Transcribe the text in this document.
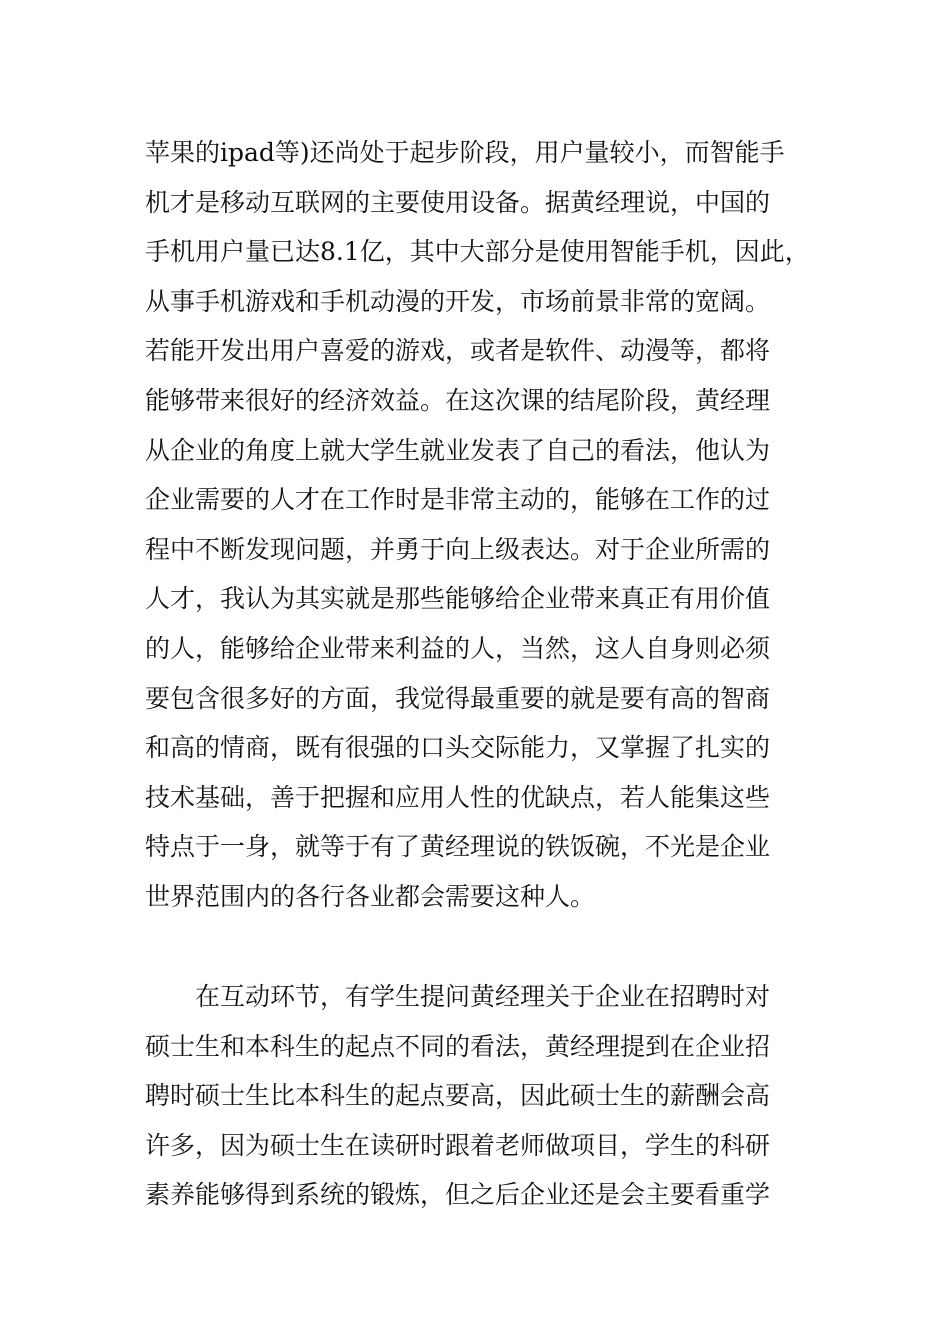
苹果的ipad等)还尚处于起步阶段，用户量较小，而智能手
机才是移动互联网的主要使用设备。据黄经理说，中国的
手机用户量已达8.1亿，其中大部分是使用智能手机，因此，
从事手机游戏和手机动漫的开发，市场前景非常的宽阔。
若能开发出用户喜爱的游戏，或者是软件、动漫等，都将
能够带来很好的经济效益。在这次课的结尾阶段，黄经理
从企业的角度上就大学生就业发表了自己的看法，他认为
企业需要的人才在工作时是非常主动的，能够在工作的过
程中不断发现问题，并勇于向上级表达。对于企业所需的
人才，我认为其实就是那些能够给企业带来真正有用价值
的人，能够给企业带来利益的人，当然，这人自身则必须
要包含很多好的方面，我觉得最重要的就是要有高的智商
和高的情商，既有很强的口头交际能力，又掌握了扎实的
技术基础，善于把握和应用人性的优缺点，若人能集这些
特点于一身，就等于有了黄经理说的铁饭碗，不光是企业
世界范围内的各行各业都会需要这种人。
　　在互动环节，有学生提问黄经理关于企业在招聘时对
硕士生和本科生的起点不同的看法，黄经理提到在企业招
聘时硕士生比本科生的起点要高，因此硕士生的薪酬会高
许多，因为硕士生在读研时跟着老师做项目，学生的科研
素养能够得到系统的锻炼，但之后企业还是会主要看重学
